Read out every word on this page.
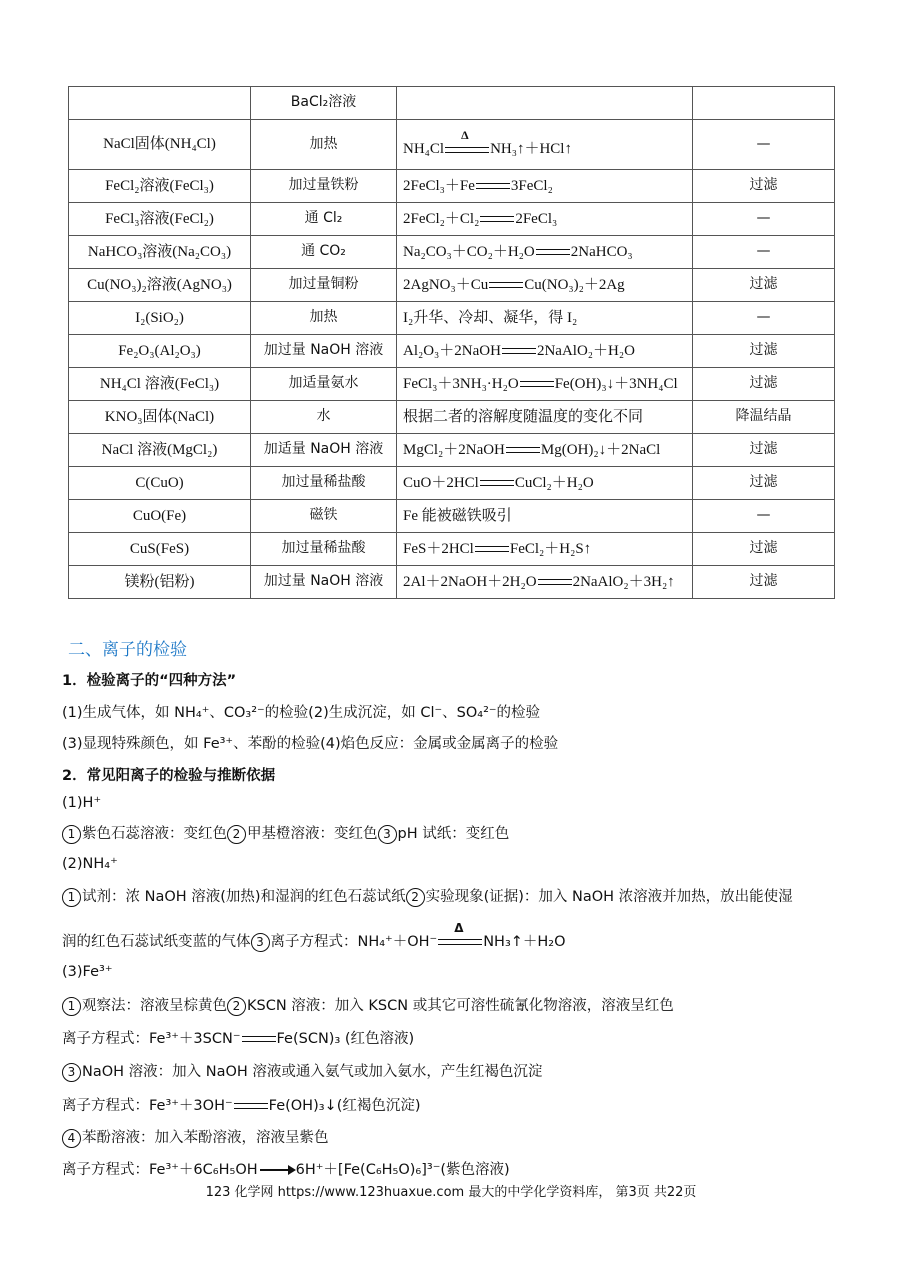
	BaCl₂溶液		
NaCl固体(NH₄Cl)	加热	NH₄Cl Δ NH₃↑＋HCl↑	—
FeCl₂溶液(FeCl₃)	加过量铁粉	2FeCl₃＋Fe 3FeCl₂	过滤
FeCl₃溶液(FeCl₂)	通 Cl₂	2FeCl₂＋Cl₂ 2FeCl₃	—
NaHCO₃溶液(Na₂CO₃)	通 CO₂	Na₂CO₃＋CO₂＋H₂O 2NaHCO₃	—
Cu(NO₃)₂溶液(AgNO₃)	加过量铜粉	2AgNO₃＋Cu Cu(NO₃)₂＋2Ag	过滤
I₂(SiO₂)	加热	I₂升华、冷却、凝华，得 I₂	—
Fe₂O₃(Al₂O₃)	加过量 NaOH 溶液	Al₂O₃＋2NaOH 2NaAlO₂＋H₂O	过滤
NH₄Cl 溶液(FeCl₃)	加适量氨水	FeCl₃＋3NH₃·H₂O Fe(OH)₃↓＋3NH₄Cl	过滤
KNO₃固体(NaCl)	水	根据二者的溶解度随温度的变化不同	降温结晶
NaCl 溶液(MgCl₂)	加适量 NaOH 溶液	MgCl₂＋2NaOH Mg(OH)₂↓＋2NaCl	过滤
C(CuO)	加过量稀盐酸	CuO＋2HCl CuCl₂＋H₂O	过滤
CuO(Fe)	磁铁	Fe 能被磁铁吸引	—
CuS(FeS)	加过量稀盐酸	FeS＋2HCl FeCl₂＋H₂S↑	过滤
镁粉(铝粉)	加过量 NaOH 溶液	2Al＋2NaOH＋2H₂O 2NaAlO₂＋3H₂↑	过滤
二、离子的检验
1．检验离子的“四种方法”
(1)生成气体，如 NH₄⁺、CO₃²⁻的检验(2)生成沉淀，如 Cl⁻、SO₄²⁻的检验
(3)显现特殊颜色，如 Fe³⁺、苯酚的检验(4)焰色反应：金属或金属离子的检验
2．常见阳离子的检验与推断依据
(1)H⁺
1 紫色石蕊溶液：变红色 2 甲基橙溶液：变红色 3 pH 试纸：变红色
(2)NH₄⁺
1 试剂：浓 NaOH 溶液(加热)和湿润的红色石蕊试纸 2 实验现象(证据)：加入 NaOH 浓溶液并加热，放出能使湿
润的红色石蕊试纸变蓝的气体 3 离子方程式：NH₄⁺＋OH⁻ Δ	NH₃↑＋H₂O
(3)Fe³⁺
1 观察法：溶液呈棕黄色 2 KSCN 溶液：加入 KSCN 或其它可溶性硫氰化物溶液，溶液呈红色
离子方程式：Fe³⁺＋3SCN⁻ Fe(SCN)₃ (红色溶液)
3 NaOH 溶液：加入 NaOH 溶液或通入氨气或加入氨水，产生红褐色沉淀
离子方程式：Fe³⁺＋3OH⁻ Fe(OH)₃↓(红褐色沉淀)
4 苯酚溶液：加入苯酚溶液，溶液呈紫色
离子方程式：Fe³⁺＋6C₆H₅OH	6H⁺＋[Fe(C₆H₅O)₆]³⁻(紫色溶液)
123 化学网 https://www.123huaxue.com 最大的中学化学资料库， 第3页 共22页
